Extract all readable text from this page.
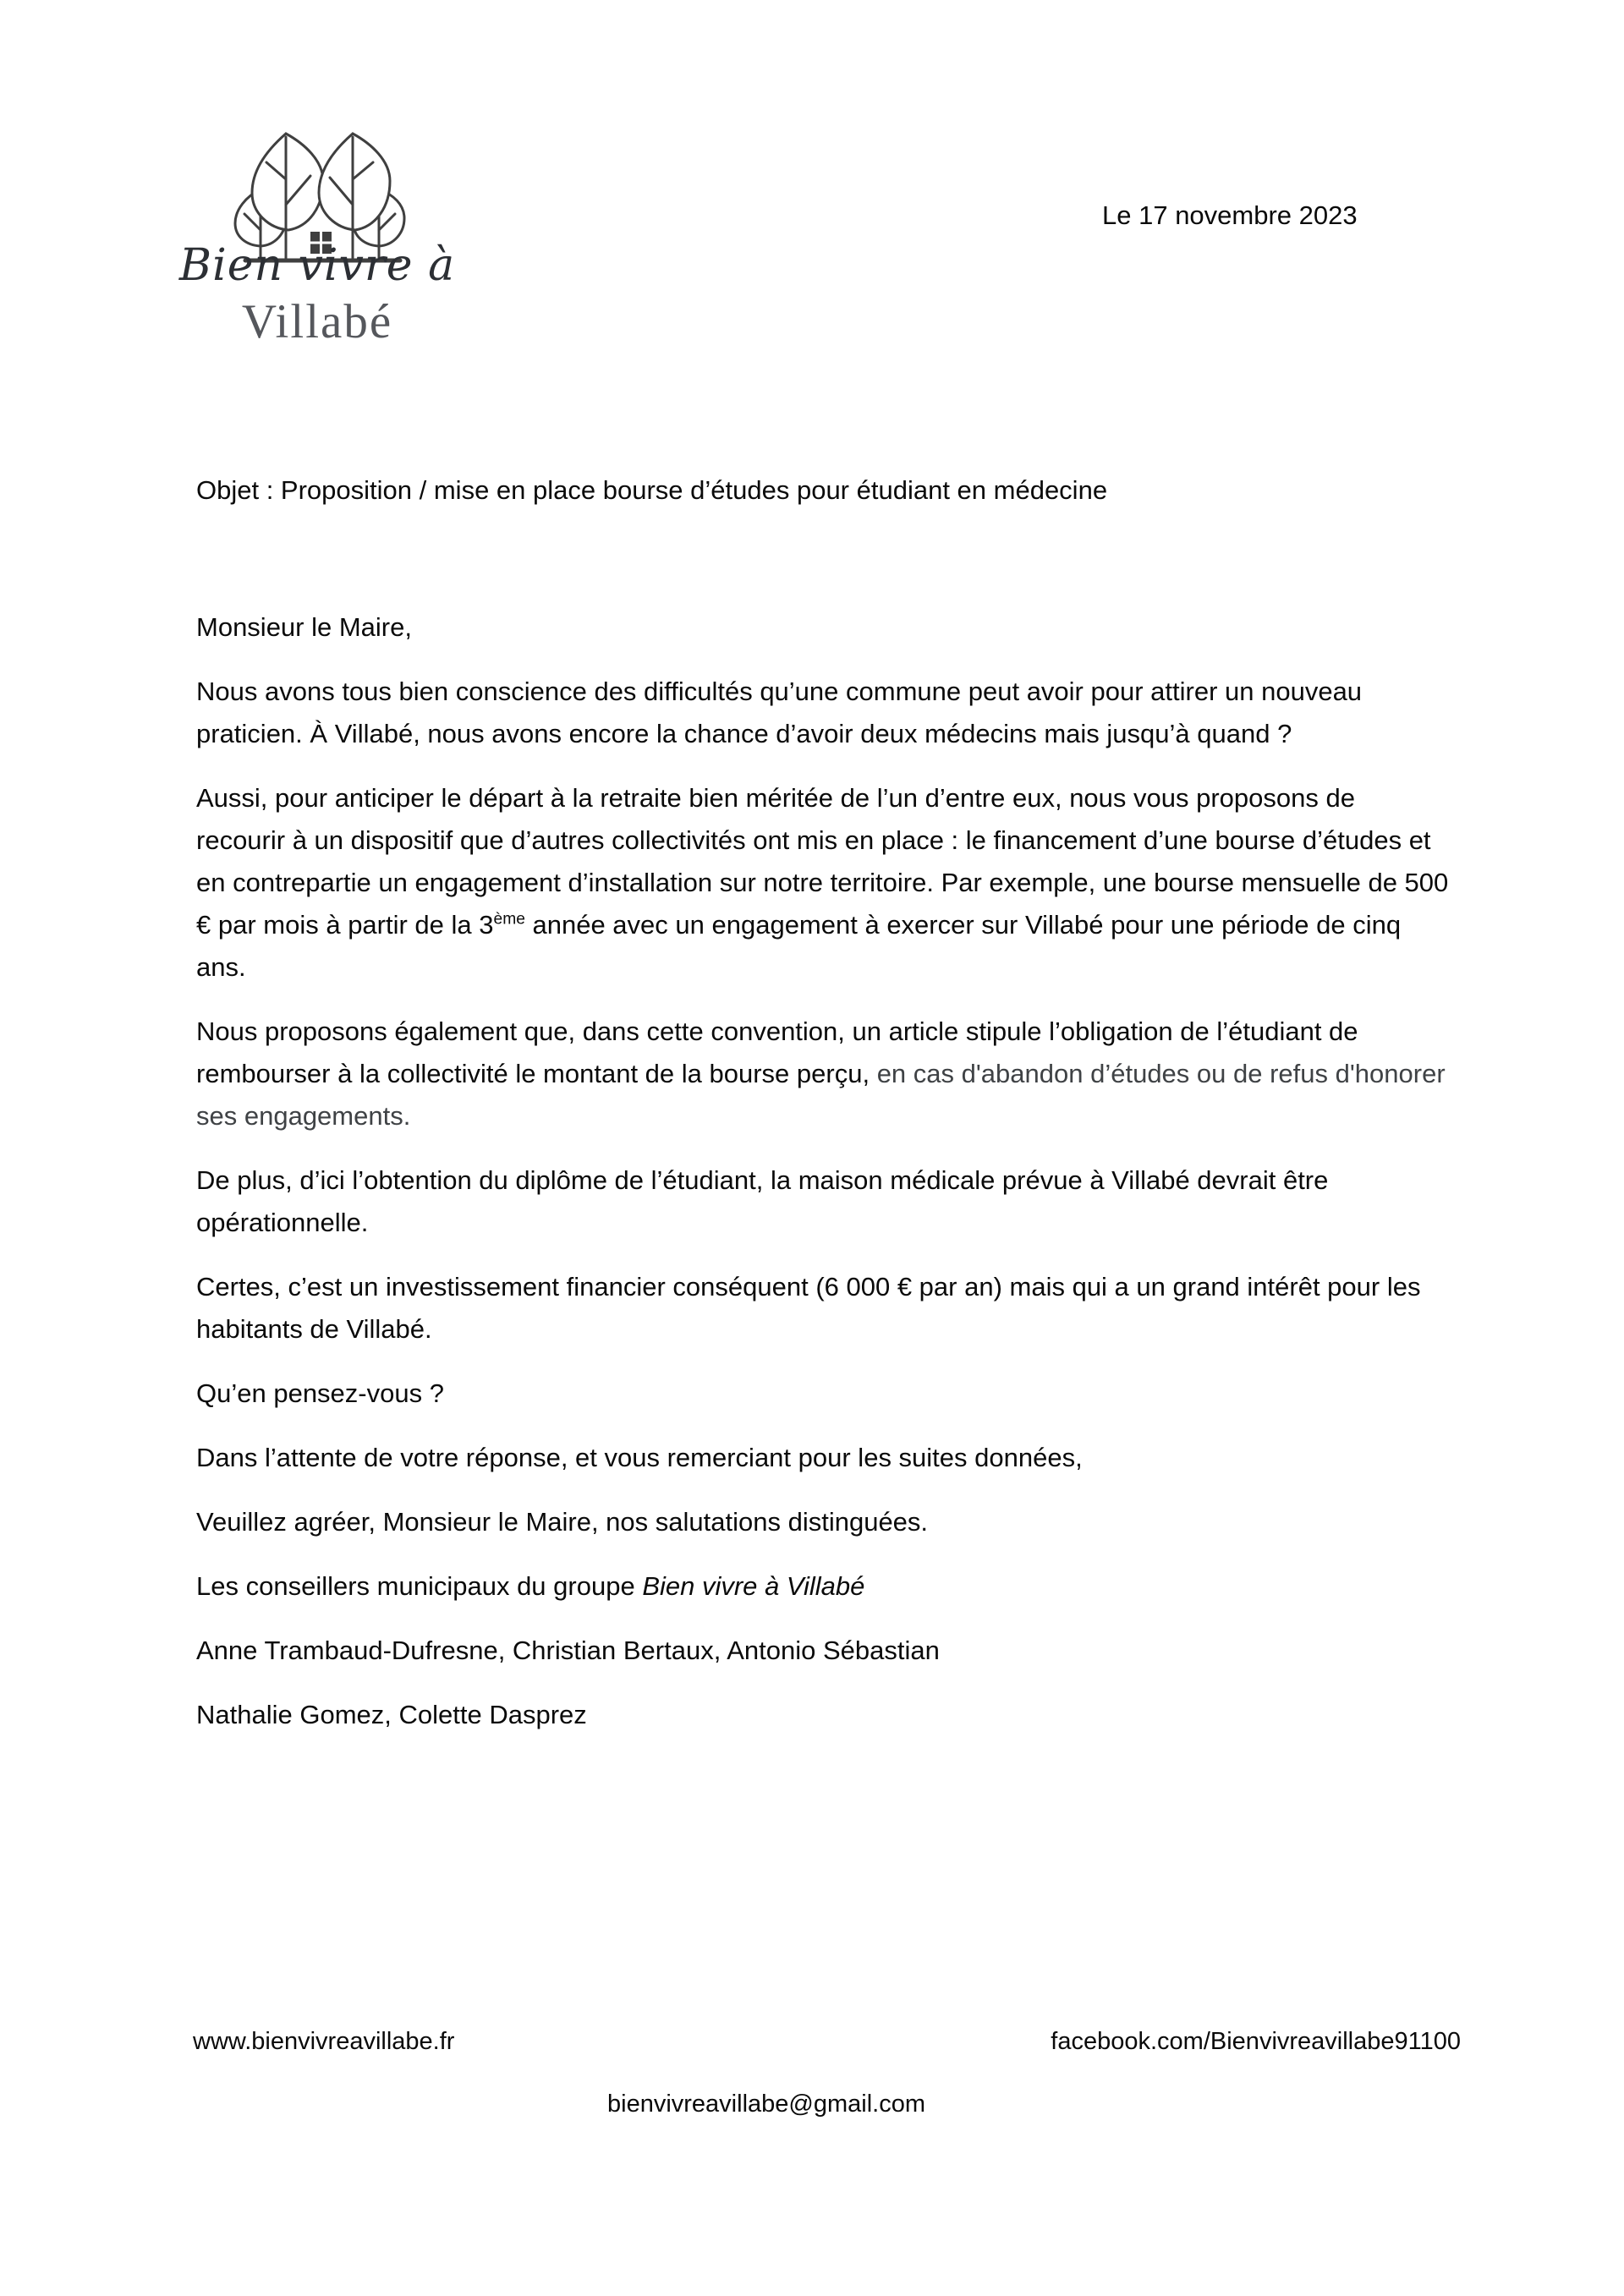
Bien vivre à
Villabé
Le 17 novembre 2023
Objet : Proposition / mise en place bourse d’études pour étudiant en médecine

Monsieur le Maire,

Nous avons tous bien conscience des difficultés qu’une commune peut avoir pour attirer un nouveau praticien. À Villabé, nous avons encore la chance d’avoir deux médecins mais jusqu’à quand ?

Aussi, pour anticiper le départ à la retraite bien méritée de l’un d’entre eux, nous vous proposons de recourir à un dispositif que d’autres collectivités ont mis en place : le financement d’une bourse d’études et en contrepartie un engagement d’installation sur notre territoire. Par exemple, une bourse mensuelle de 500 € par mois à partir de la 3ème année avec un engagement à exercer sur Villabé pour une période de cinq ans.

Nous proposons également que, dans cette convention, un article stipule l’obligation de l’étudiant de rembourser à la collectivité le montant de la bourse perçu, en cas d'abandon d’études ou de refus d'honorer ses engagements.

De plus, d’ici l’obtention du diplôme de l’étudiant, la maison médicale prévue à Villabé devrait être opérationnelle.

Certes, c’est un investissement financier conséquent (6 000 € par an) mais qui a un grand intérêt pour les habitants de Villabé.

Qu’en pensez-vous ?

Dans l’attente de votre réponse, et vous remerciant pour les suites données,

Veuillez agréer, Monsieur le Maire, nos salutations distinguées.

Les conseillers municipaux du groupe Bien vivre à Villabé

Anne Trambaud-Dufresne, Christian Bertaux, Antonio Sébastian

Nathalie Gomez, Colette Dasprez

www.bienvivreavillabe.fr	facebook.com/Bienvivreavillabe91100
bienvivreavillabe@gmail.com
